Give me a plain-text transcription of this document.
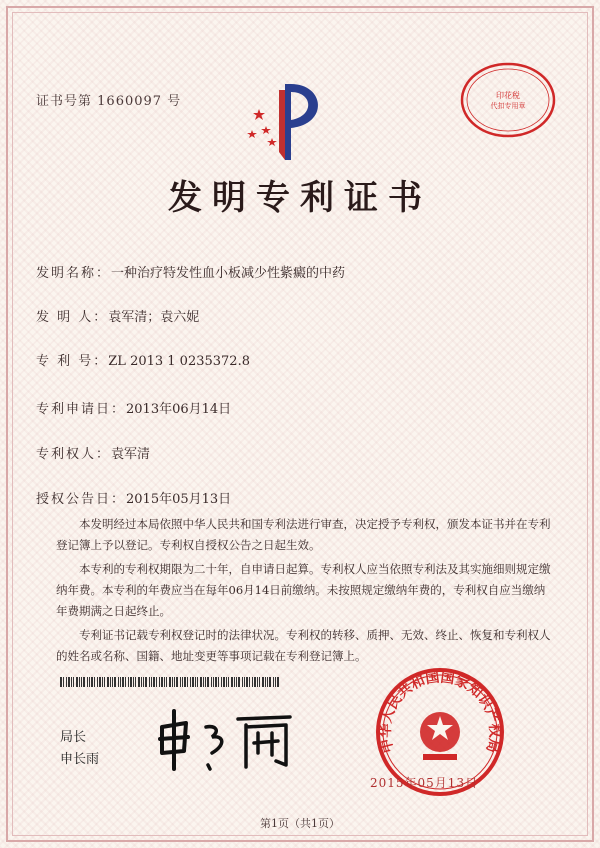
证书号第 1660097 号	印花税
代扣专用章
发明专利证书
发明名称：一种治疗特发性血小板减少性紫癜的中药
发 明 人：袁军清；袁六妮
专 利 号：ZL 2013 1 0235372.8
专利申请日：2013年06月14日
专利权人：袁军清
授权公告日：2015年05月13日

本发明经过本局依照中华人民共和国专利法进行审查，决定授予专利权，颁发本证书并在专利登记簿上予以登记。专利权自授权公告之日起生效。

本专利的专利权期限为二十年，自申请日起算。专利权人应当依照专利法及其实施细则规定缴纳年费。本专利的年费应当在每年06月14日前缴纳。未按照规定缴纳年费的，专利权自应当缴纳年费期满之日起终止。

专利证书记载专利权登记时的法律状况。专利权的转移、质押、无效、终止、恢复和专利权人的姓名或名称、国籍、地址变更等事项记载在专利登记簿上。

局长
申长雨
中华人民共和国国家知识产权局
2015年05月13日
第1页（共1页）
